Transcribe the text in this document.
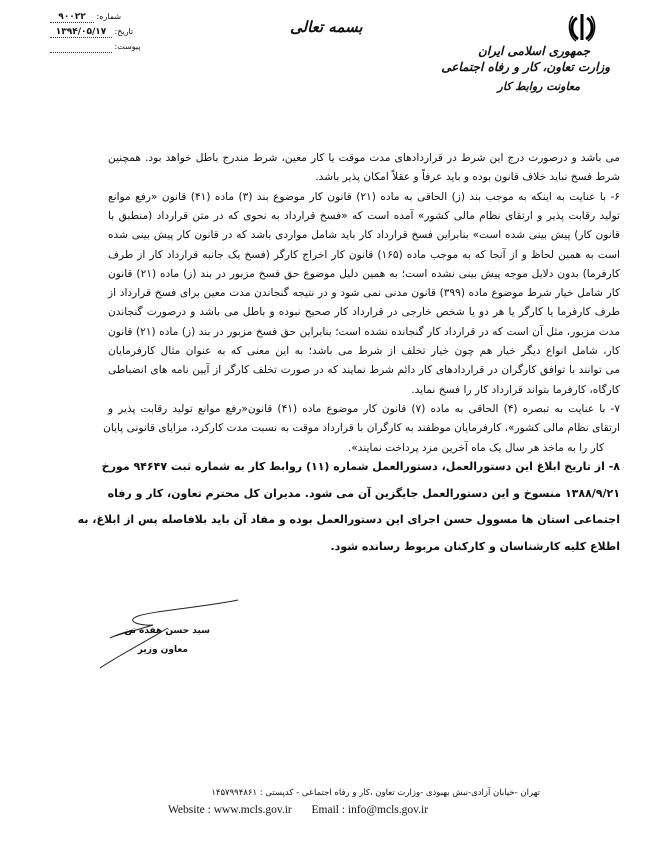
جمهوری اسلامی ایران
وزارت تعاون، کار و رفاه اجتماعی
معاونت روابط کار
بسمه تعالی
شماره: ۹۰۰۲۲
تاریخ: ۱۳۹۴/۰۵/۱۷
پیوست:
می باشد و درصورت درج این شرط در قراردادهای مدت موقت یا کار معین، شرط مندرج باطل خواهد بود. همچنین
شرط فسخ نباید خلاف قانون بوده و باید عرفاً و عقلاً امکان پذیر باشد.
۶- با عنایت به اینکه به موجب بند (ز) الحاقی به ماده (۲۱) قانون کار موضوع بند (۳) ماده (۴۱) قانون «رفع موانع
تولید رقابت پذیر و ارتقای نظام مالی کشور» آمده است که «فسخ قرارداد به نحوی که در متن قرارداد (منطبق با
قانون کار) پیش بینی شده است» بنابراین فسخ قرارداد کار باید شامل مواردی باشد که در قانون کار پیش بینی شده
است به همین لحاظ و از آنجا که به موجب ماده (۱۶۵) قانون کار اخراج کارگر (فسخ یک جانبه قرارداد کار از طرف
کارفرما) بدون دلایل موجه پیش بینی نشده است؛ به همین دلیل موضوع حق فسخ مزبور در بند (ز) ماده (۲۱) قانون
کار شامل خیار شرط موضوع ماده (۳۹۹) قانون مدنی نمی شود و در نتیجه گنجاندن مدت معین برای فسخ قرارداد از
طرف کارفرما یا کارگر یا هر دو یا شخص خارجی در قرارداد کار صحیح نبوده و باطل می باشد و درصورت گنجاندن
مدت مزبور، مثل آن است که در قرارداد کار گنجانده نشده است؛ بنابراین حق فسخ مزبور در بند (ز) ماده (۲۱) قانون
کار، شامل انواع دیگر خیار هم چون خیار تخلف از شرط می باشد؛ به این معنی که به عنوان مثال کارفرمایان
می توانند با توافق کارگران در قراردادهای کار دائم شرط نمایند که در صورت تخلف کارگر از آیین نامه های انضباطی
کارگاه، کارفرما بتواند قرارداد کار را فسخ نماید.
۷- با عنایت به تبصره (۴) الحاقی به ماده (۷) قانون کار موضوع ماده (۴۱) قانون«رفع موانع تولید رقابت پذیر و
ارتقای نظام مالی کشور»، کارفرمایان موظفند به کارگران با قرارداد موقت به نسبت مدت کارکرد، مزایای قانونی پایان
کار را به ماخذ هر سال یک ماه آخرین مزد پرداخت نمایند».
۸- از تاریخ ابلاغ این دستورالعمل، دستورالعمل شماره (۱۱) روابط کار به شماره ثبت ۹۴۶۴۷ مورخ
۱۳۸۸/۹/۲۱ منسوخ و این دستورالعمل جایگزین آن می شود. مدیران کل محترم تعاون، کار و رفاه
اجتماعی استان ها مسوول حسن اجرای این دستورالعمل بوده و مفاد آن باید بلافاصله پس از ابلاغ، به
اطلاع کلیه کارشناسان و کارکنان مربوط رسانده شود.
سید حسن هفده تن
معاون وزیر
تهران -خیابان آزادی-نبش بهبودی -وزارت تعاون ،کار و رفاه اجتماعی - کدپستی : ۱۴۵۷۹۹۴۸۶۱
Website : www.mcls.gov.ir Email : info@mcls.gov.ir
